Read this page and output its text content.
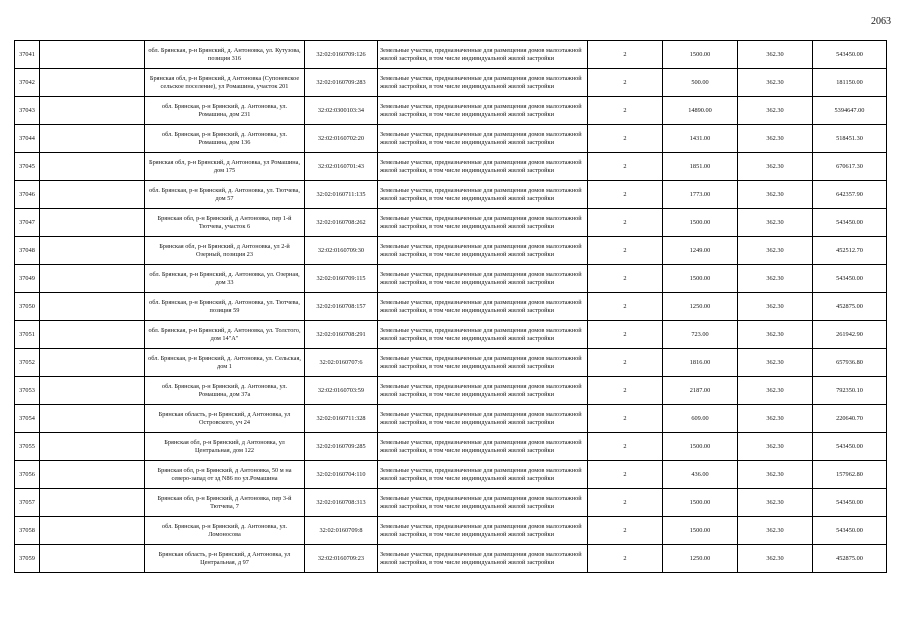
2063
37041		обл. Брянская, р-н Брянский, д. Антоновка, ул. Кутузова, позиция 316	32:02:0160709:126	Земельные участки, предназначенные для размещения домов малоэтажной жилой застройки, в том числе индивидуальной жилой застройки	2	1500.00	362.30	543450.00
37042		Брянская обл, р-н Брянский, д Антоновка (Супоневское сельское поселение), ул Ромашина, участок 201	32:02:0160709:283	Земельные участки, предназначенные для размещения домов малоэтажной жилой застройки, в том числе индивидуальной жилой застройки	2	500.00	362.30	181150.00
37043		обл. Брянская, р-н Брянский, д. Антоновка, ул. Ромашина, дом 231	32:02:0300103:34	Земельные участки, предназначенные для размещения домов малоэтажной жилой застройки, в том числе индивидуальной жилой застройки	2	14890.00	362.30	5394647.00
37044		обл. Брянская, р-н Брянский, д. Антоновка, ул. Ромашина, дом 136	32:02:0160702:20	Земельные участки, предназначенные для размещения домов малоэтажной жилой застройки, в том числе индивидуальной жилой застройки	2	1431.00	362.30	518451.30
37045		Брянская обл, р-н Брянский, д Антоновка, ул Ромашина, дом 175	32:02:0160701:43	Земельные участки, предназначенные для размещения домов малоэтажной жилой застройки, в том числе индивидуальной жилой застройки	2	1851.00	362.30	670617.30
37046		обл. Брянская, р-н Брянский, д. Антоновка, ул. Тютчева, дом 57	32:02:0160711:135	Земельные участки, предназначенные для размещения домов малоэтажной жилой застройки, в том числе индивидуальной жилой застройки	2	1773.00	362.30	642357.90
37047		Брянская обл, р-н Брянский, д Антоновка, пер 1-й Тютчева, участок 6	32:02:0160708:262	Земельные участки, предназначенные для размещения домов малоэтажной жилой застройки, в том числе индивидуальной жилой застройки	2	1500.00	362.30	543450.00
37048		Брянская обл, р-н Брянский, д Антоновка, ул 2-й Озерный, позиция 23	32:02:0160709:30	Земельные участки, предназначенные для размещения домов малоэтажной жилой застройки, в том числе индивидуальной жилой застройки	2	1249.00	362.30	452512.70
37049		обл. Брянская, р-н Брянский, д. Антоновка, ул. Озерная, дом 33	32:02:0160709:115	Земельные участки, предназначенные для размещения домов малоэтажной жилой застройки, в том числе индивидуальной жилой застройки	2	1500.00	362.30	543450.00
37050		обл. Брянская, р-н Брянский, д. Антоновка, ул. Тютчева, позиция 59	32:02:0160708:157	Земельные участки, предназначенные для размещения домов малоэтажной жилой застройки, в том числе индивидуальной жилой застройки	2	1250.00	362.30	452875.00
37051		обл. Брянская, р-н Брянский, д. Антоновка, ул. Толстого, дом 14"А"	32:02:0160708:291	Земельные участки, предназначенные для размещения домов малоэтажной жилой застройки, в том числе индивидуальной жилой застройки	2	723.00	362.30	261942.90
37052		обл. Брянская, р-н Брянский, д. Антоновка, ул. Сельская, дом 1	32:02:0160707:6	Земельные участки, предназначенные для размещения домов малоэтажной жилой застройки, в том числе индивидуальной жилой застройки	2	1816.00	362.30	657936.80
37053		обл. Брянская, р-н Брянский, д. Антоновка, ул. Ромашина, дом 37а	32:02:0160703:59	Земельные участки, предназначенные для размещения домов малоэтажной жилой застройки, в том числе индивидуальной жилой застройки	2	2187.00	362.30	792350.10
37054		Брянская область, р-н Брянский, д Антоновка, ул Островского, уч 24	32:02:0160711:328	Земельные участки, предназначенные для размещения домов малоэтажной жилой застройки, в том числе индивидуальной жилой застройки	2	609.00	362.30	220640.70
37055		Брянская обл, р-н Брянский, д Антоновка, ул Центральная, дом 122	32:02:0160709:285	Земельные участки, предназначенные для размещения домов малоэтажной жилой застройки, в том числе индивидуальной жилой застройки	2	1500.00	362.30	543450.00
37056		Брянская обл, р-н Брянский, д Антоновка, 50 м на северо-запад от зд N86 по ул.Ромашина	32:02:0160704:110	Земельные участки, предназначенные для размещения домов малоэтажной жилой застройки, в том числе индивидуальной жилой застройки	2	436.00	362.30	157962.80
37057		Брянская обл, р-н Брянский, д Антоновка, пер 3-й Тютчева, 7	32:02:0160708:313	Земельные участки, предназначенные для размещения домов малоэтажной жилой застройки, в том числе индивидуальной жилой застройки	2	1500.00	362.30	543450.00
37058		обл. Брянская, р-н Брянский, д. Антоновка, ул. Ломоносова	32:02:0160709:8	Земельные участки, предназначенные для размещения домов малоэтажной жилой застройки, в том числе индивидуальной жилой застройки	2	1500.00	362.30	543450.00
37059		Брянская область, р-н Брянский, д Антоновка, ул Центральная, д 97	32:02:0160709:23	Земельные участки, предназначенные для размещения домов малоэтажной жилой застройки, в том числе индивидуальной жилой застройки	2	1250.00	362.30	452875.00
